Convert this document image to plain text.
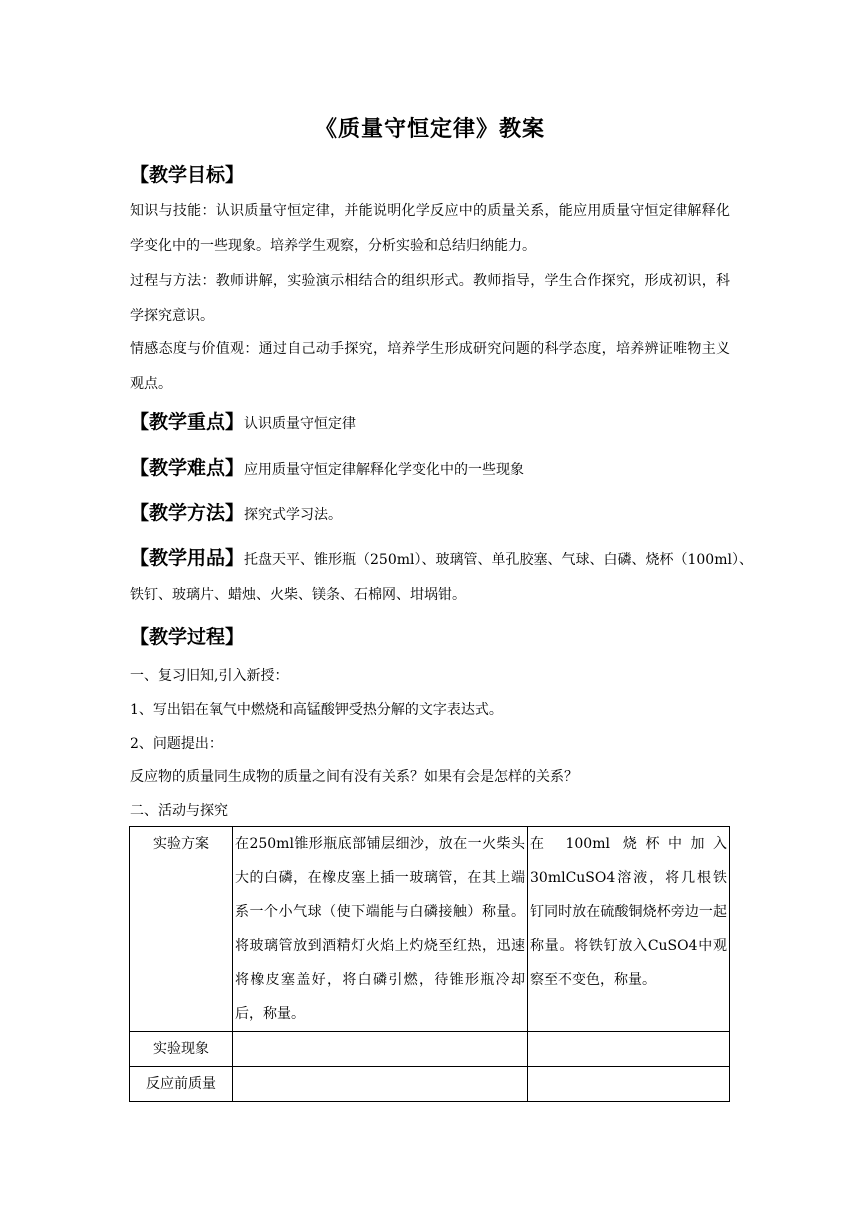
《质量守恒定律》教案
【教学目标】
知识与技能：认识质量守恒定律，并能说明化学反应中的质量关系，能应用质量守恒定律解释化学变化中的一些现象。培养学生观察，分析实验和总结归纳能力。
过程与方法：教师讲解，实验演示相结合的组织形式。教师指导，学生合作探究，形成初识，科学探究意识。
情感态度与价值观：通过自己动手探究，培养学生形成研究问题的科学态度，培养辨证唯物主义观点。
【教学重点】认识质量守恒定律
【教学难点】应用质量守恒定律解释化学变化中的一些现象
【教学方法】探究式学习法。
【教学用品】托盘天平、锥形瓶（250ml）、玻璃管、单孔胶塞、气球、白磷、烧杯（100ml）、
铁钉、玻璃片、蜡烛、火柴、镁条、石棉网、坩埚钳。
【教学过程】
一、复习旧知,引入新授：
1、写出铝在氧气中燃烧和高锰酸钾受热分解的文字表达式。
2、问题提出：
反应物的质量同生成物的质量之间有没有关系？如果有会是怎样的关系？
二、活动与探究
实验方案	在250ml锥形瓶底部铺层细沙，放在一火柴头大的白磷，在橡皮塞上插一玻璃管，在其上端系一个小气球（使下端能与白磷接触）称量。将玻璃管放到酒精灯火焰上灼烧至红热，迅速将橡皮塞盖好，将白磷引燃，待锥形瓶冷却后，称量。	在 100ml 烧杯中加入30mlCuSO4溶液，将几根铁钉同时放在硫酸铜烧杯旁边一起称量。将铁钉放入CuSO4中观察至不变色，称量。
实验现象		
反应前质量		
